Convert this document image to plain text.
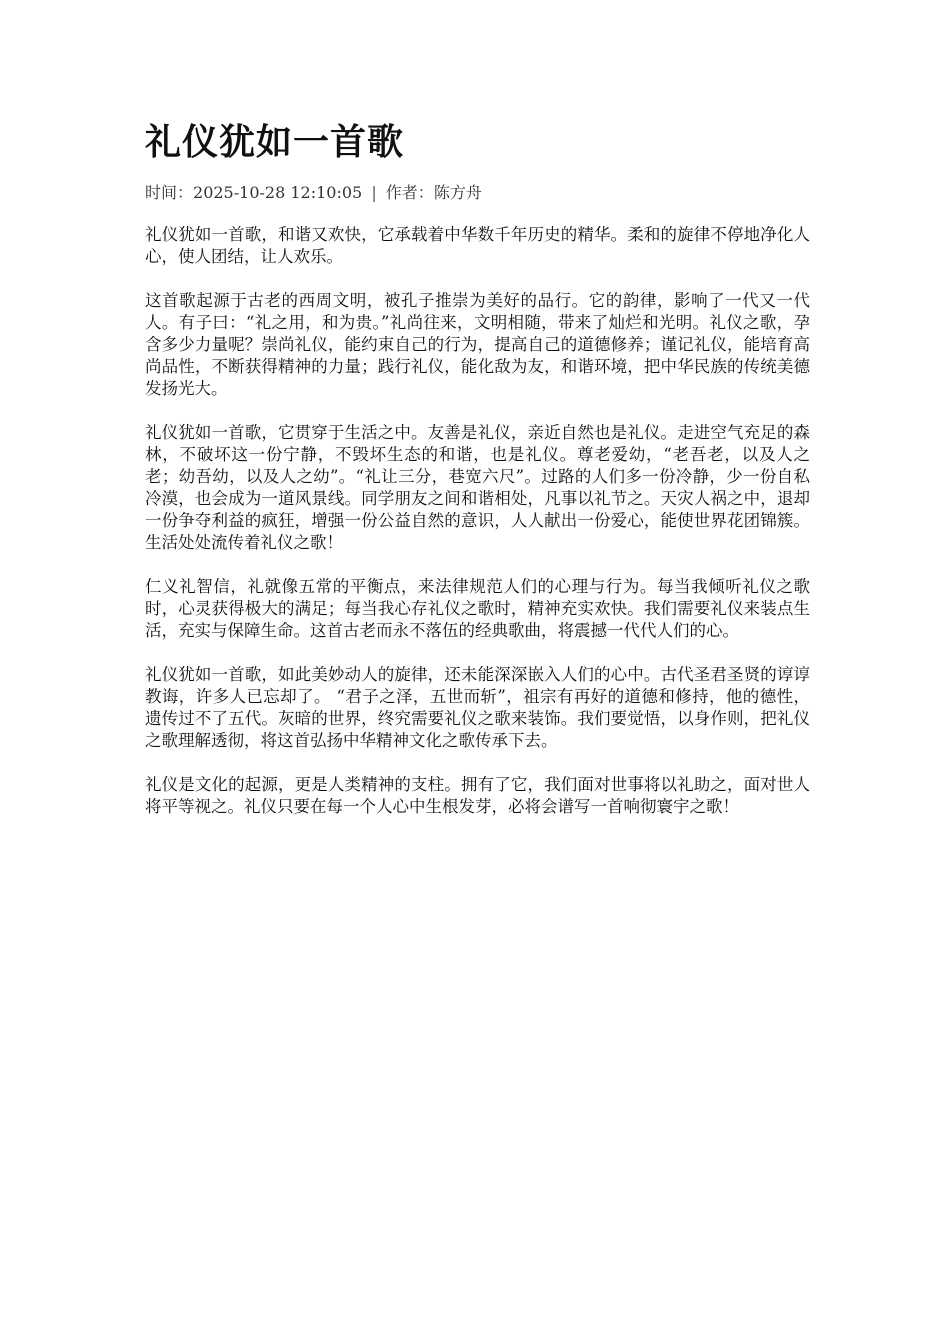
礼仪犹如一首歌
时间：2025-10-28 12:10:05 | 作者：陈方舟

礼仪犹如一首歌，和谐又欢快，它承载着中华数千年历史的精华。柔和的旋律不停地净化人心，使人团结，让人欢乐。

这首歌起源于古老的西周文明，被孔子推崇为美好的品行。它的韵律，影响了一代又一代人。有子曰：“礼之用，和为贵。”礼尚往来，文明相随，带来了灿烂和光明。礼仪之歌，孕含多少力量呢？崇尚礼仪，能约束自己的行为，提高自己的道德修养；谨记礼仪，能培育高尚品性，不断获得精神的力量；践行礼仪，能化敌为友，和谐环境，把中华民族的传统美德发扬光大。

礼仪犹如一首歌，它贯穿于生活之中。友善是礼仪，亲近自然也是礼仪。走进空气充足的森林，不破坏这一份宁静，不毁坏生态的和谐，也是礼仪。尊老爱幼，“老吾老，以及人之老；幼吾幼，以及人之幼”。“礼让三分，巷宽六尺”。过路的人们多一份冷静，少一份自私冷漠，也会成为一道风景线。同学朋友之间和谐相处，凡事以礼节之。天灾人祸之中，退却一份争夺利益的疯狂，增强一份公益自然的意识，人人献出一份爱心，能使世界花团锦簇。生活处处流传着礼仪之歌！

仁义礼智信，礼就像五常的平衡点，来法律规范人们的心理与行为。每当我倾听礼仪之歌时，心灵获得极大的满足；每当我心存礼仪之歌时，精神充实欢快。我们需要礼仪来装点生活，充实与保障生命。这首古老而永不落伍的经典歌曲，将震撼一代代人们的心。

礼仪犹如一首歌，如此美妙动人的旋律，还未能深深嵌入人们的心中。古代圣君圣贤的谆谆教诲，许多人已忘却了。 “君子之泽，五世而斩”，祖宗有再好的道德和修持，他的德性，遗传过不了五代。灰暗的世界，终究需要礼仪之歌来装饰。我们要觉悟，以身作则，把礼仪之歌理解透彻，将这首弘扬中华精神文化之歌传承下去。

礼仪是文化的起源，更是人类精神的支柱。拥有了它，我们面对世事将以礼助之，面对世人将平等视之。礼仪只要在每一个人心中生根发芽，必将会谱写一首响彻寰宇之歌！
